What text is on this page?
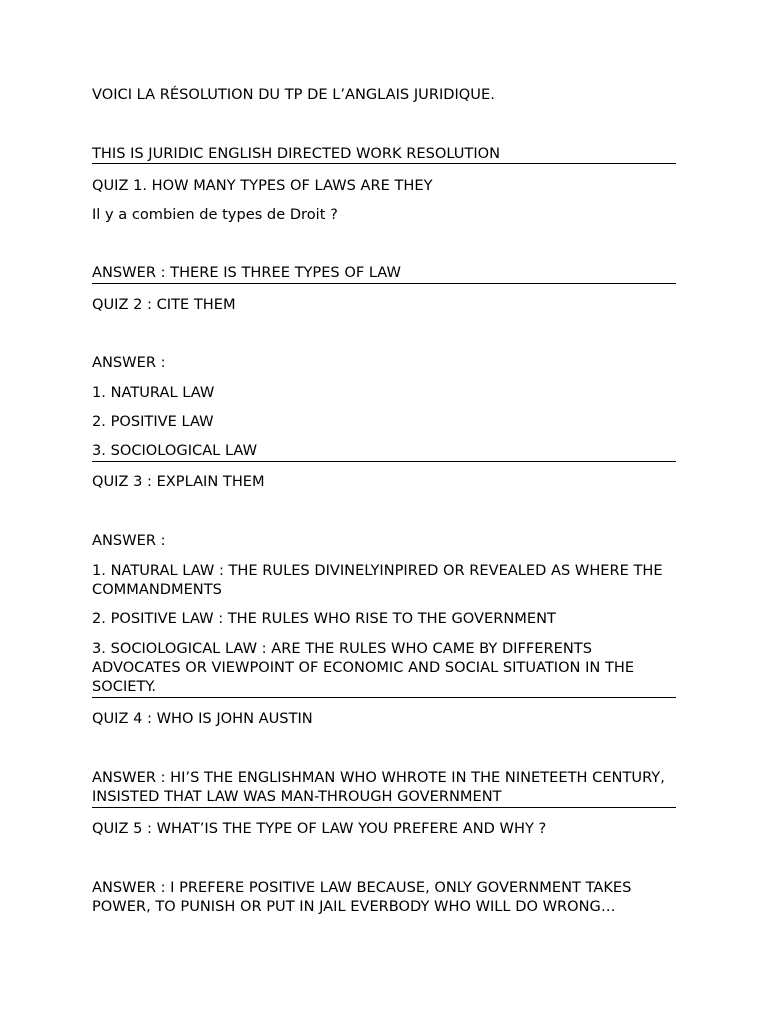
VOICI LA RÉSOLUTION DU TP DE L’ANGLAIS JURIDIQUE.

THIS IS JURIDIC ENGLISH DIRECTED WORK RESOLUTION

QUIZ 1. HOW MANY TYPES OF LAWS ARE THEY

Il y a combien de types de Droit ?

ANSWER : THERE IS THREE TYPES OF LAW

QUIZ 2 : CITE THEM

ANSWER :

1. NATURAL LAW

2. POSITIVE LAW

3. SOCIOLOGICAL LAW

QUIZ 3 : EXPLAIN THEM

ANSWER :

1. NATURAL LAW : THE RULES DIVINELYINPIRED OR REVEALED AS WHERE THE COMMANDMENTS

2. POSITIVE LAW : THE RULES WHO RISE TO THE GOVERNMENT

3. SOCIOLOGICAL LAW : ARE THE RULES WHO CAME BY DIFFERENTS ADVOCATES OR VIEWPOINT OF ECONOMIC AND SOCIAL SITUATION IN THE SOCIETY.

QUIZ 4 : WHO IS JOHN AUSTIN

ANSWER : HI’S THE ENGLISHMAN WHO WHROTE IN THE NINETEETH CENTURY, INSISTED THAT LAW WAS MAN-THROUGH GOVERNMENT

QUIZ 5 : WHAT’IS THE TYPE OF LAW YOU PREFERE AND WHY ?

ANSWER : I PREFERE POSITIVE LAW BECAUSE, ONLY GOVERNMENT TAKES POWER, TO PUNISH OR PUT IN JAIL EVERBODY WHO WILL DO WRONG…
